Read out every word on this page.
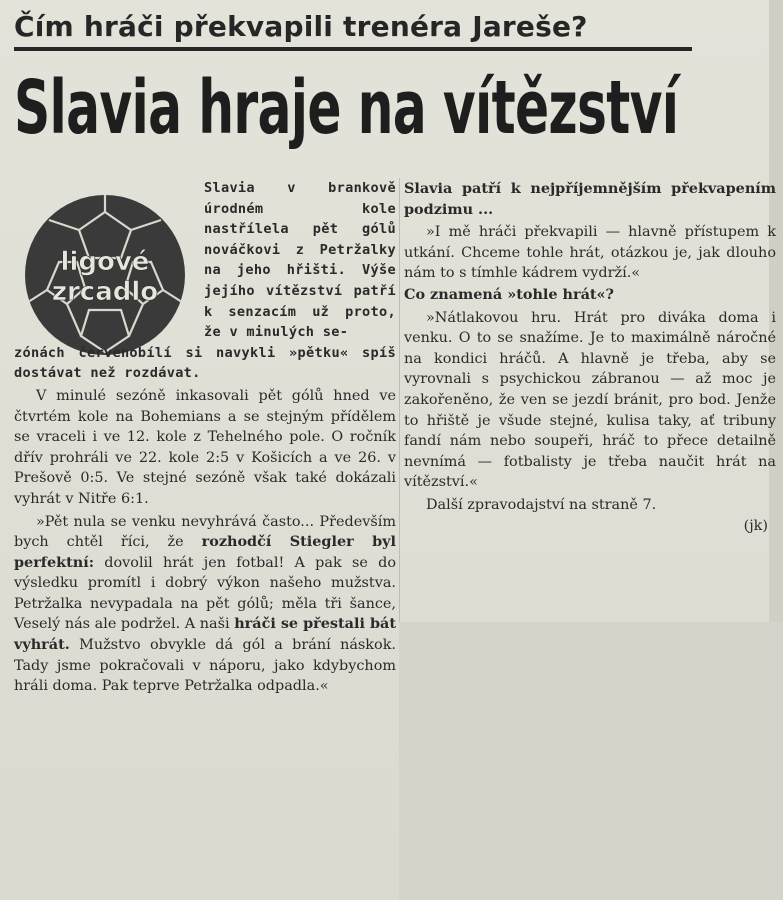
Čím hráči překvapili trenéra Jareše?
Slavia hraje na vítězství
ligové
zrcadlo

Slavia v brankově úrodném kole nastřílela pět gólů nováčkovi z Petržalky na jeho hřišti. Výše jejího vítězství patří k senzacím už proto, že v minulých se-

zónách červenobílí si navykli »pětku« spíš dostávat než rozdávat.

V minulé sezóně inkasovali pět gólů hned ve čtvrtém kole na Bohemians a se stejným přídělem se vraceli i ve 12. kole z Tehelného pole. O ročník dřív prohráli ve 22. kole 2:5 v Košicích a ve 26. v Prešově 0:5. Ve stejné sezóně však také dokázali vyhrát v Nitře 6:1.

»Pět nula se venku nevyhrává často... Především bych chtěl říci, že rozhodčí Stiegler byl perfektní: dovolil hrát jen fotbal! A pak se do výsledku promítl i dobrý výkon našeho mužstva. Petržalka nevypadala na pět gólů; měla tři šance, Veselý nás ale podržel. A naši hráči se přestali bát vyhrát. Mužstvo obvykle dá gól a brání náskok. Tady jsme pokračovali v náporu, jako kdybychom hráli doma. Pak teprve Petržalka odpadla.«

Slavia patří k nejpříjemnějším překvapením podzimu ...

»I mě hráči překvapili — hlavně přístupem k utkání. Chceme tohle hrát, otázkou je, jak dlouho nám to s tímhle kádrem vydrží.«

Co znamená »tohle hrát«?

»Nátlakovou hru. Hrát pro diváka doma i venku. O to se snažíme. Je to maximálně náročné na kondici hráčů. A hlavně je třeba, aby se vyrovnali s psychickou zábranou — až moc je zakořeněno, že ven se jezdí bránit, pro bod. Jenže to hřiště je všude stejné, kulisa taky, ať tribuny fandí nám nebo soupeři, hráč to přece detailně nevnímá — fotbalisty je třeba naučit hrát na vítězství.«

Další zpravodajství na straně 7.

(jk)
